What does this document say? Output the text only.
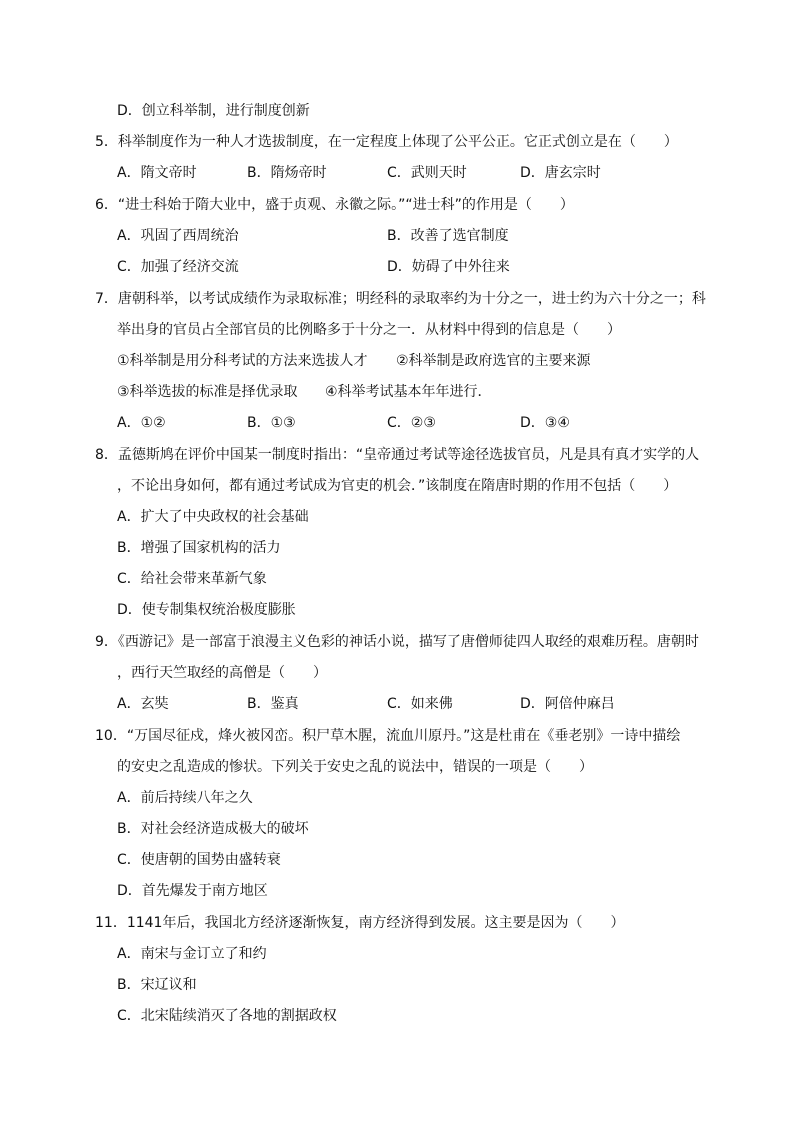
D．创立科举制，进行制度创新
5．科举制度作为一种人才选拔制度，在一定程度上体现了公平公正。它正式创立是在（　　）
A．隋文帝时	B．隋炀帝时	C．武则天时	D．唐玄宗时
6．“进士科始于隋大业中，盛于贞观、永徽之际。”“进士科”的作用是（　　）
A．巩固了西周统治	B．改善了选官制度
C．加强了经济交流	D．妨碍了中外往来
7．唐朝科举，以考试成绩作为录取标准；明经科的录取率约为十分之一，进士约为六十分之一；科
举出身的官员占全部官员的比例略多于十分之一．从材料中得到的信息是（　　）
①科举制是用分科考试的方法来选拔人才 ②科举制是政府选官的主要来源
③科举选拔的标准是择优录取 ④科举考试基本年年进行．
A．①②	B．①③	C．②③	D．③④
8．孟德斯鸠在评价中国某一制度时指出：“皇帝通过考试等途径选拔官员，凡是具有真才实学的人
，不论出身如何，都有通过考试成为官吏的机会．”该制度在隋唐时期的作用不包括（　　）
A．扩大了中央政权的社会基础
B．增强了国家机构的活力
C．给社会带来革新气象
D．使专制集权统治极度膨胀
9．《西游记》是一部富于浪漫主义色彩的神话小说，描写了唐僧师徒四人取经的艰难历程。唐朝时
，西行天竺取经的高僧是（　　）
A．玄奘	B．鉴真	C．如来佛	D．阿倍仲麻吕
10．“万国尽征戍，烽火被冈峦。积尸草木腥，流血川原丹。”这是杜甫在《垂老别》一诗中描绘
的安史之乱造成的惨状。下列关于安史之乱的说法中，错误的一项是（　　）
A．前后持续八年之久
B．对社会经济造成极大的破坏
C．使唐朝的国势由盛转衰
D．首先爆发于南方地区
11．1141年后，我国北方经济逐渐恢复，南方经济得到发展。这主要是因为（　　）
A．南宋与金订立了和约
B．宋辽议和
C．北宋陆续消灭了各地的割据政权
